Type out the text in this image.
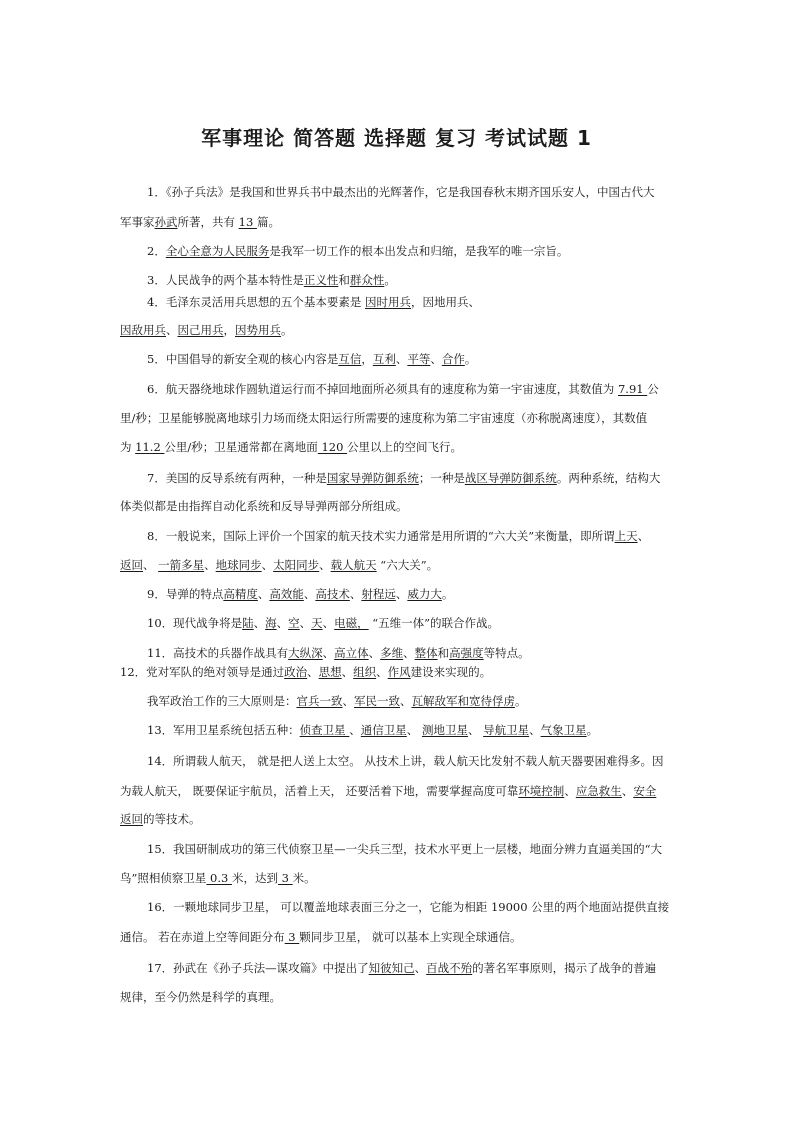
军事理论 简答题 选择题 复习 考试试题 1
1．《孙子兵法》是我国和世界兵书中最杰出的光辉著作，它是我国春秋末期齐国乐安人，中国古代大
军事家孙武所著，共有 13 篇。
2．全心全意为人民服务是我军一切工作的根本出发点和归缩，是我军的唯一宗旨。
3．人民战争的两个基本特性是正义性和群众性。
4．毛泽东灵活用兵思想的五个基本要素是 因时用兵，因地用兵、
因敌用兵、因己用兵，因势用兵。
5．中国倡导的新安全观的核心内容是互信，互利、平等、合作。
6．航天器绕地球作圆轨道运行而不掉回地面所必须具有的速度称为第一宇宙速度，其数值为 7.91 公
里/秒；卫星能够脱离地球引力场而绕太阳运行所需要的速度称为第二宇宙速度（亦称脱离速度），其数值
为 11.2 公里/秒；卫星通常都在离地面 120 公里以上的空间飞行。
7．美国的反导系统有两种，一种是国家导弹防御系统；一种是战区导弹防御系统。两种系统，结构大
体类似都是由指挥自动化系统和反导导弹两部分所组成。
8．一般说来，国际上评价一个国家的航天技术实力通常是用所谓的“六大关”来衡量，即所谓上天、
返回、 一箭多星、地球同步、太阳同步、载人航天 “六大关”。
9．导弹的特点高精度、高效能、高技术、射程远、威力大。
10．现代战争将是陆、海、空、天、电磁， “五维一体”的联合作战。
11．高技术的兵器作战具有大纵深、高立体、多维、整体和高强度等特点。
12．党对军队的绝对领导是通过政治、思想、组织、作风建设来实现的。
我军政治工作的三大原则是：官兵一致、军民一致、瓦解敌军和宽待俘虏。
13．军用卫星系统包括五种：侦查卫星 、通信卫星、 测地卫星、 导航卫星、气象卫星。
14．所谓载人航天， 就是把人送上太空。 从技术上讲，载人航天比发射不载人航天器要困难得多。因
为载人航天， 既要保证宇航员，活着上天， 还要活着下地，需要掌握高度可靠环境控制、应急救生、安全
返回的等技术。
15．我国研制成功的第三代侦察卫星—一尖兵三型，技术水平更上一层楼，地面分辨力直逼美国的“大
鸟”照相侦察卫星 0.3 米，达到 3 米。
16．一颗地球同步卫星， 可以覆盖地球表面三分之一，它能为相距 19000 公里的两个地面站提供直接
通信。 若在赤道上空等间距分布 3 颗同步卫星， 就可以基本上实现全球通信。
17．孙武在《孙子兵法—谋攻篇》中提出了知彼知己、百战不殆的著名军事原则，揭示了战争的普遍
规律，至今仍然是科学的真理。
